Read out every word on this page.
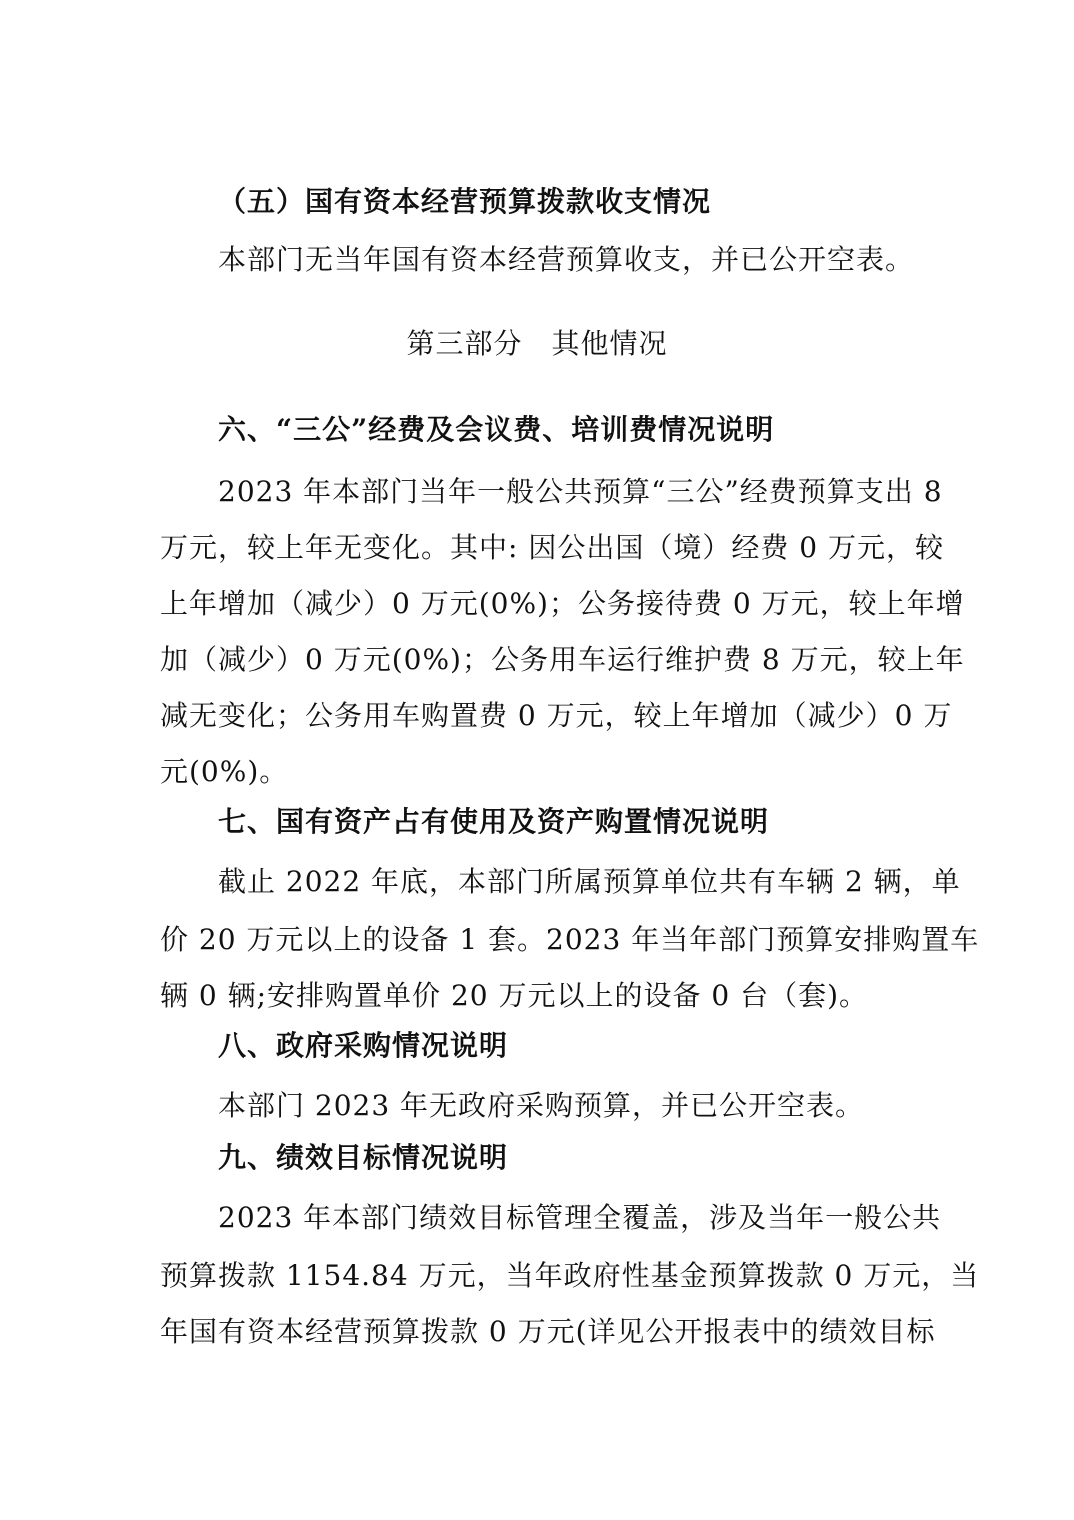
（五）国有资本经营预算拨款收支情况
本部门无当年国有资本经营预算收支，并已公开空表。
第三部分　其他情况
六、“三公”经费及会议费、培训费情况说明
2023 年本部门当年一般公共预算“三公”经费预算支出 8
万元，较上年无变化。其中: 因公出国（境）经费 0 万元，较
上年增加（减少）0 万元(0%)；公务接待费 0 万元，较上年增
加（减少）0 万元(0%)；公务用车运行维护费 8 万元，较上年
减无变化；公务用车购置费 0 万元，较上年增加（减少）0 万
元(0%)。
七、国有资产占有使用及资产购置情况说明
截止 2022 年底，本部门所属预算单位共有车辆 2 辆，单
价 20 万元以上的设备 1 套。2023 年当年部门预算安排购置车
辆 0 辆;安排购置单价 20 万元以上的设备 0 台（套)。
八、政府采购情况说明
本部门 2023 年无政府采购预算，并已公开空表。
九、绩效目标情况说明
2023 年本部门绩效目标管理全覆盖，涉及当年一般公共
预算拨款 1154.84 万元，当年政府性基金预算拨款 0 万元，当
年国有资本经营预算拨款 0 万元(详见公开报表中的绩效目标
